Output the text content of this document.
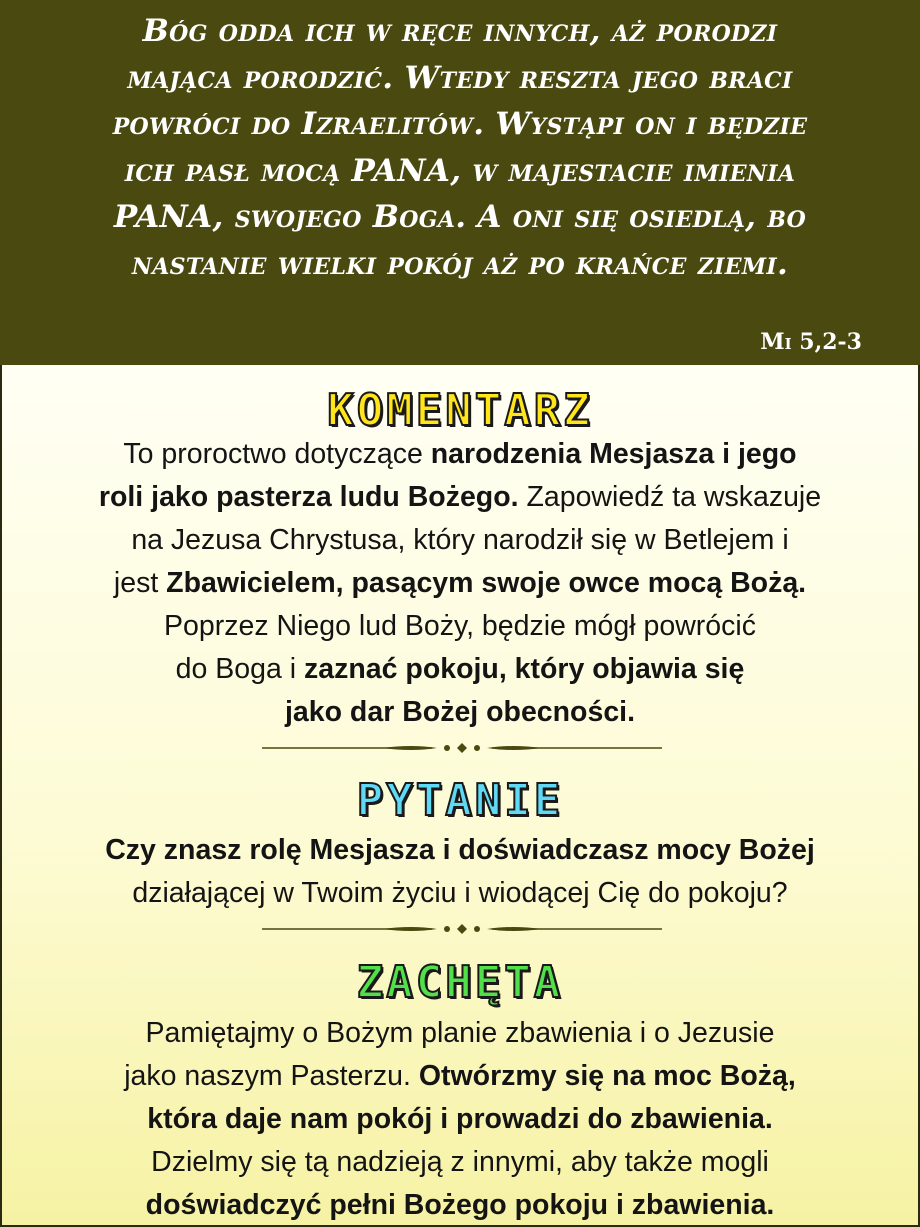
Bóg odda ich w ręce innych, aż porodzi
mająca porodzić. Wtedy reszta jego braci
powróci do Izraelitów. Wystąpi on i będzie
ich pasł mocą PANA, w majestacie imienia
PANA, swojego Boga. A oni się osiedlą, bo
nastanie wielki pokój aż po krańce ziemi.

Mi 5,2-3
KOMENTARZ

To proroctwo dotyczące narodzenia Mesjasza i jego
roli jako pasterza ludu Bożego. Zapowiedź ta wskazuje
na Jezusa Chrystusa, który narodził się w Betlejem i
jest Zbawicielem, pasącym swoje owce mocą Bożą.
Poprzez Niego lud Boży, będzie mógł powrócić
do Boga i zaznać pokoju, który objawia się
jako dar Bożej obecności.

PYTANIE

Czy znasz rolę Mesjasza i doświadczasz mocy Bożej
działającej w Twoim życiu i wiodącej Cię do pokoju?

ZACHĘTA

Pamiętajmy o Bożym planie zbawienia i o Jezusie
jako naszym Pasterzu. Otwórzmy się na moc Bożą,
która daje nam pokój i prowadzi do zbawienia.
Dzielmy się tą nadzieją z innymi, aby także mogli
doświadczyć pełni Bożego pokoju i zbawienia.
